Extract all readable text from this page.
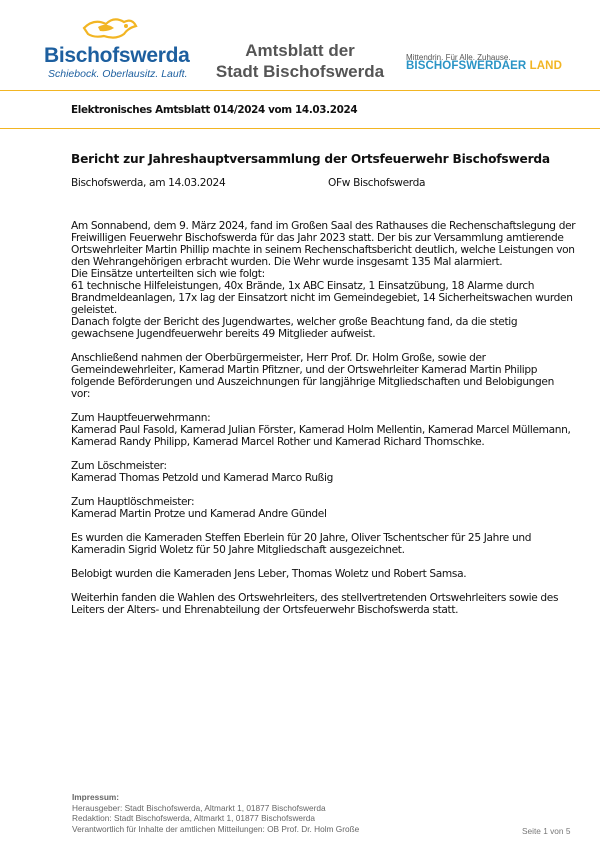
Bischofswerda
Schiebock. Oberlausitz. Lauft.
Amtsblatt der
Stadt Bischofswerda
Mittendrin. Für Alle. Zuhause.
BISCHOFSWERDAER LAND
Elektronisches Amtsblatt 014/2024 vom 14.03.2024
Bericht zur Jahreshauptversammlung der Ortsfeuerwehr Bischofswerda
Bischofswerda, am 14.03.2024	OFw Bischofswerda

Am Sonnabend, dem 9. März 2024, fand im Großen Saal des Rathauses die Rechenschaftslegung der Freiwilligen Feuerwehr Bischofswerda für das Jahr 2023 statt. Der bis zur Versammlung amtierende Ortswehrleiter Martin Phillip machte in seinem Rechenschaftsbericht deutlich, welche Leistungen von den Wehrangehörigen erbracht wurden. Die Wehr wurde insgesamt 135 Mal alarmiert.

Die Einsätze unterteilten sich wie folgt:

61 technische Hilfeleistungen, 40x Brände, 1x ABC Einsatz, 1 Einsatzübung, 18 Alarme durch Brandmeldeanlagen, 17x lag der Einsatzort nicht im Gemeindegebiet, 14 Sicherheitswachen wurden geleistet.

Danach folgte der Bericht des Jugendwartes, welcher große Beachtung fand, da die stetig gewachsene Jugendfeuerwehr bereits 49 Mitglieder aufweist.

Anschließend nahmen der Oberbürgermeister, Herr Prof. Dr. Holm Große, sowie der Gemeindewehrleiter, Kamerad Martin Pfitzner, und der Ortswehrleiter Kamerad Martin Philipp folgende Beförderungen und Auszeichnungen für langjährige Mitgliedschaften und Belobigungen vor:

Zum Hauptfeuerwehrmann:

Kamerad Paul Fasold, Kamerad Julian Förster, Kamerad Holm Mellentin, Kamerad Marcel Müllemann, Kamerad Randy Philipp, Kamerad Marcel Rother und Kamerad Richard Thomschke.

Zum Löschmeister:

Kamerad Thomas Petzold und Kamerad Marco Rußig

Zum Hauptlöschmeister:

Kamerad Martin Protze und Kamerad Andre Gündel

Es wurden die Kameraden Steffen Eberlein für 20 Jahre, Oliver Tschentscher für 25 Jahre und Kameradin Sigrid Woletz für 50 Jahre Mitgliedschaft ausgezeichnet.

Belobigt wurden die Kameraden Jens Leber, Thomas Woletz und Robert Samsa.

Weiterhin fanden die Wahlen des Ortswehrleiters, des stellvertretenden Ortswehrleiters sowie des Leiters der Alters- und Ehrenabteilung der Ortsfeuerwehr Bischofswerda statt.

Impressum:
Herausgeber: Stadt Bischofswerda, Altmarkt 1, 01877 Bischofswerda
Redaktion: Stadt Bischofswerda, Altmarkt 1, 01877 Bischofswerda
Verantwortlich für Inhalte der amtlichen Mitteilungen: OB Prof. Dr. Holm Große	Seite 1 von 5
